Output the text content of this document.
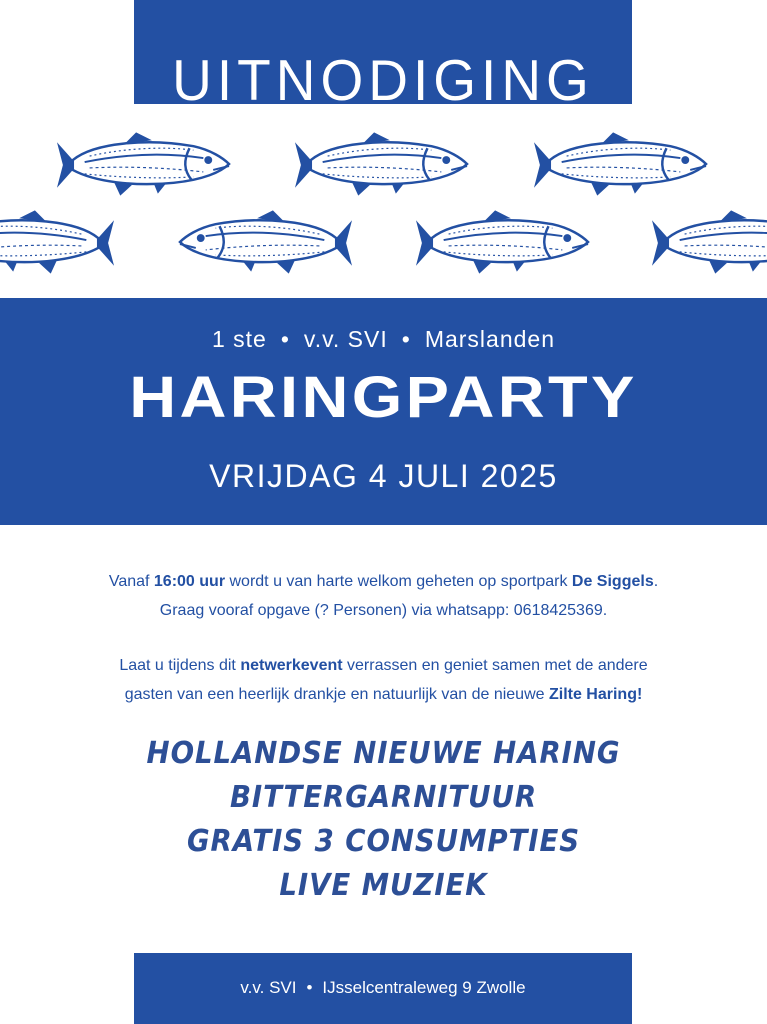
UITNODIGING
1 ste • v.v. SVI • Marslanden
HARINGPARTY
VRIJDAG 4 JULI 2025
Vanaf 16:00 uur wordt u van harte welkom geheten op sportpark De Siggels.
Graag vooraf opgave (? Personen) via whatsapp: 0618425369.
Laat u tijdens dit netwerkevent verrassen en geniet samen met de andere
gasten van een heerlijk drankje en natuurlijk van de nieuwe Zilte Haring!
HOLLANDSE NIEUWE HARING
BITTERGARNITUUR
GRATIS 3 CONSUMPTIES
LIVE MUZIEK
v.v. SVI • IJsselcentraleweg 9 Zwolle
